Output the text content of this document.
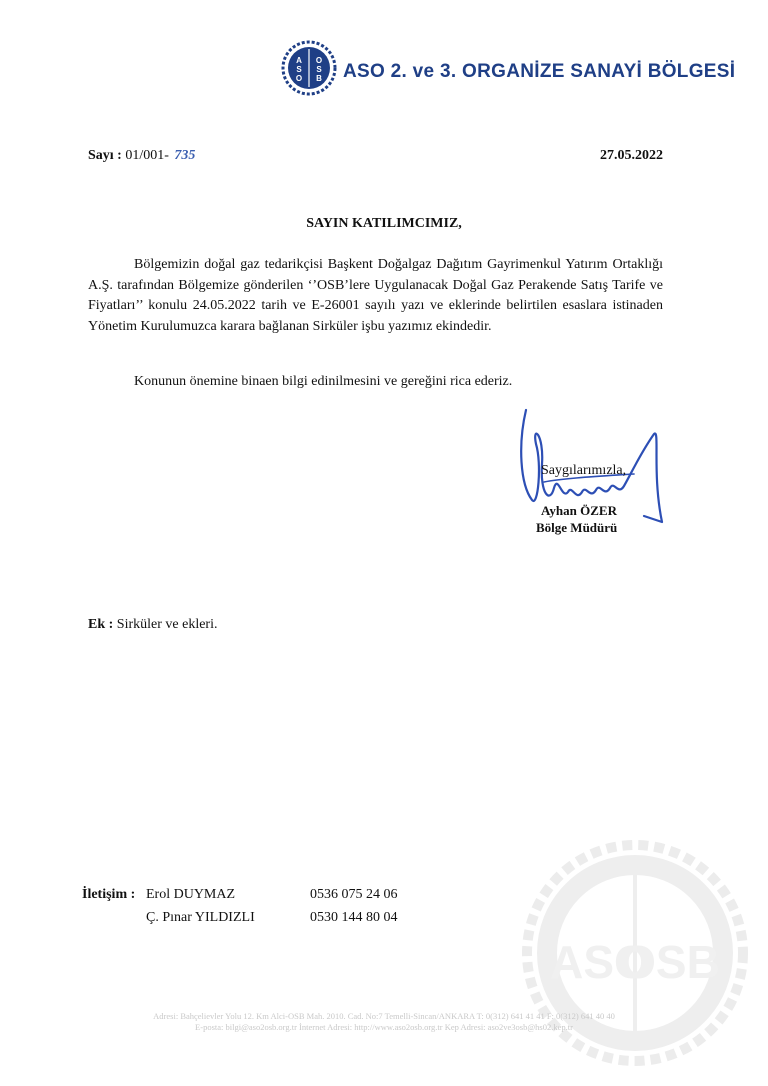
A
S
O
O
S
B ASO 2. ve 3. ORGANİZE SANAYİ BÖLGESİ
Sayı : 01/001- 735	27.05.2022
SAYIN KATILIMCIMIZ,
Bölgemizin doğal gaz tedarikçisi Başkent Doğalgaz Dağıtım Gayrimenkul Yatırım Ortaklığı A.Ş. tarafından Bölgemize gönderilen ‘’OSB’lere Uygulanacak Doğal Gaz Perakende Satış Tarife ve Fiyatları’’ konulu 24.05.2022 tarih ve E-26001 sayılı yazı ve eklerinde belirtilen esaslara istinaden Yönetim Kurulumuzca karara bağlanan Sirküler işbu yazımız ekindedir.
Konunun önemine binaen bilgi edinilmesini ve gereğini rica ederiz.
Saygılarımızla,
Ayhan ÖZER
Bölge Müdürü
Ek : Sirküler ve ekleri.
ASO
OSB
İletişim : Erol DUYMAZ	0536 075 24 06
Ç. Pınar YILDIZLI	0530 144 80 04
Adresi: Bahçelievler Yolu 12. Km Alci-OSB Mah. 2010. Cad. No:7 Temelli-Sincan/ANKARA T: 0(312) 641 41 41 F: 0(312) 641 40 40
E-posta: bilgi@aso2osb.org.tr İnternet Adresi: http://www.aso2osb.org.tr Kep Adresi: aso2ve3osb@hs02.kep.tr
